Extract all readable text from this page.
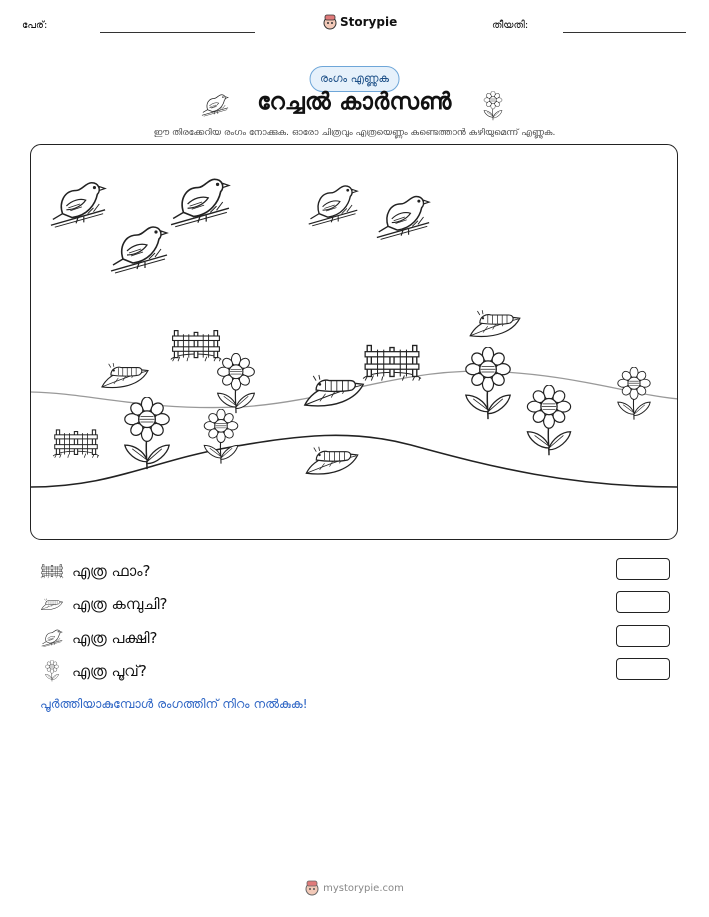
പേര്:	Storypie	തീയതി:
രംഗം എണ്ണുക
റേച്ചൽ കാർസൺ
ഈ തിരക്കേറിയ രംഗം നോക്കുക. ഓരോ ചിത്രവും എത്രയെണ്ണം കണ്ടെത്താൻ കഴിയുമെന്ന് എണ്ണുക.
എത്ര ഫാം?
എത്ര കമ്പുചി?
എത്ര പക്ഷി?
എത്ര പൂവ്?
പൂർത്തിയാകുമ്പോൾ രംഗത്തിന് നിറം നൽകുക!
mystorypie.com
